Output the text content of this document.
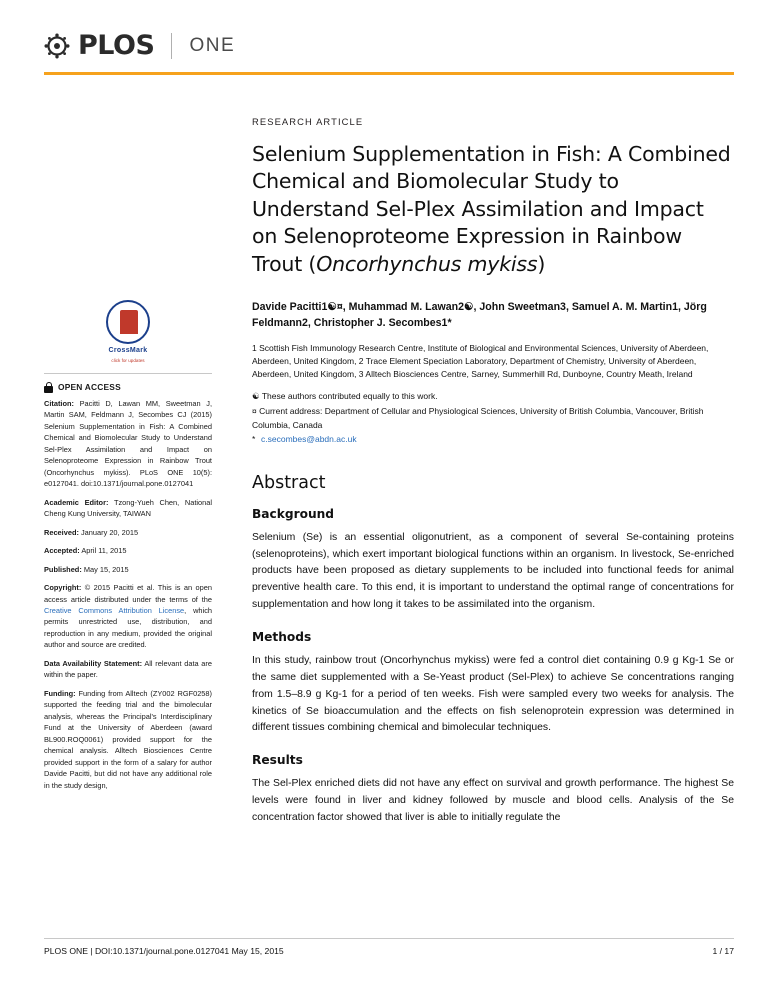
PLOS ONE
CrossMark
click for updates
OPEN ACCESS

Citation: Pacitti D, Lawan MM, Sweetman J, Martin SAM, Feldmann J, Secombes CJ (2015) Selenium Supplementation in Fish: A Combined Chemical and Biomolecular Study to Understand Sel-Plex Assimilation and Impact on Selenoproteome Expression in Rainbow Trout (Oncorhynchus mykiss). PLoS ONE 10(5): e0127041. doi:10.1371/journal.pone.0127041

Academic Editor: Tzong-Yueh Chen, National Cheng Kung University, TAIWAN

Received: January 20, 2015

Accepted: April 11, 2015

Published: May 15, 2015

Copyright: © 2015 Pacitti et al. This is an open access article distributed under the terms of the Creative Commons Attribution License, which permits unrestricted use, distribution, and reproduction in any medium, provided the original author and source are credited.

Data Availability Statement: All relevant data are within the paper.

Funding: Funding from Alltech (ZY002 RGF0258) supported the feeding trial and the bimolecular analysis, whereas the Principal's Interdisciplinary Fund at the University of Aberdeen (award BL900.ROQ0061) provided support for the chemical analysis. Alltech Biosciences Centre provided support in the form of a salary for author Davide Pacitti, but did not have any additional role in the study design,

RESEARCH ARTICLE
Selenium Supplementation in Fish: A Combined Chemical and Biomolecular Study to Understand Sel-Plex Assimilation and Impact on Selenoproteome Expression in Rainbow Trout (Oncorhynchus mykiss)
Davide Pacitti1☯¤, Muhammad M. Lawan2☯, John Sweetman3, Samuel A. M. Martin1, Jörg Feldmann2, Christopher J. Secombes1*
1 Scottish Fish Immunology Research Centre, Institute of Biological and Environmental Sciences, University of Aberdeen, Aberdeen, United Kingdom, 2 Trace Element Speciation Laboratory, Department of Chemistry, University of Aberdeen, Aberdeen, United Kingdom, 3 Alltech Biosciences Centre, Sarney, Summerhill Rd, Dunboyne, Country Meath, Ireland
☯ These authors contributed equally to this work.
¤ Current address: Department of Cellular and Physiological Sciences, University of British Columbia, Vancouver, British Columbia, Canada
* c.secombes@abdn.ac.uk
Abstract
Background

Selenium (Se) is an essential oligonutrient, as a component of several Se-containing proteins (selenoproteins), which exert important biological functions within an organism. In livestock, Se-enriched products have been proposed as dietary supplements to be included into functional feeds for animal preventive health care. To this end, it is important to understand the optimal range of concentrations for supplementation and how long it takes to be assimilated into the organism.

Methods

In this study, rainbow trout (Oncorhynchus mykiss) were fed a control diet containing 0.9 g Kg-1 Se or the same diet supplemented with a Se-Yeast product (Sel-Plex) to achieve Se concentrations ranging from 1.5–8.9 g Kg-1 for a period of ten weeks. Fish were sampled every two weeks for analysis. The kinetics of Se bioaccumulation and the effects on fish selenoprotein expression was determined in different tissues combining chemical and bimolecular techniques.

Results

The Sel-Plex enriched diets did not have any effect on survival and growth performance. The highest Se levels were found in liver and kidney followed by muscle and blood cells. Analysis of the Se concentration factor showed that liver is able to initially regulate the

PLOS ONE | DOI:10.1371/journal.pone.0127041 May 15, 2015	1 / 17
